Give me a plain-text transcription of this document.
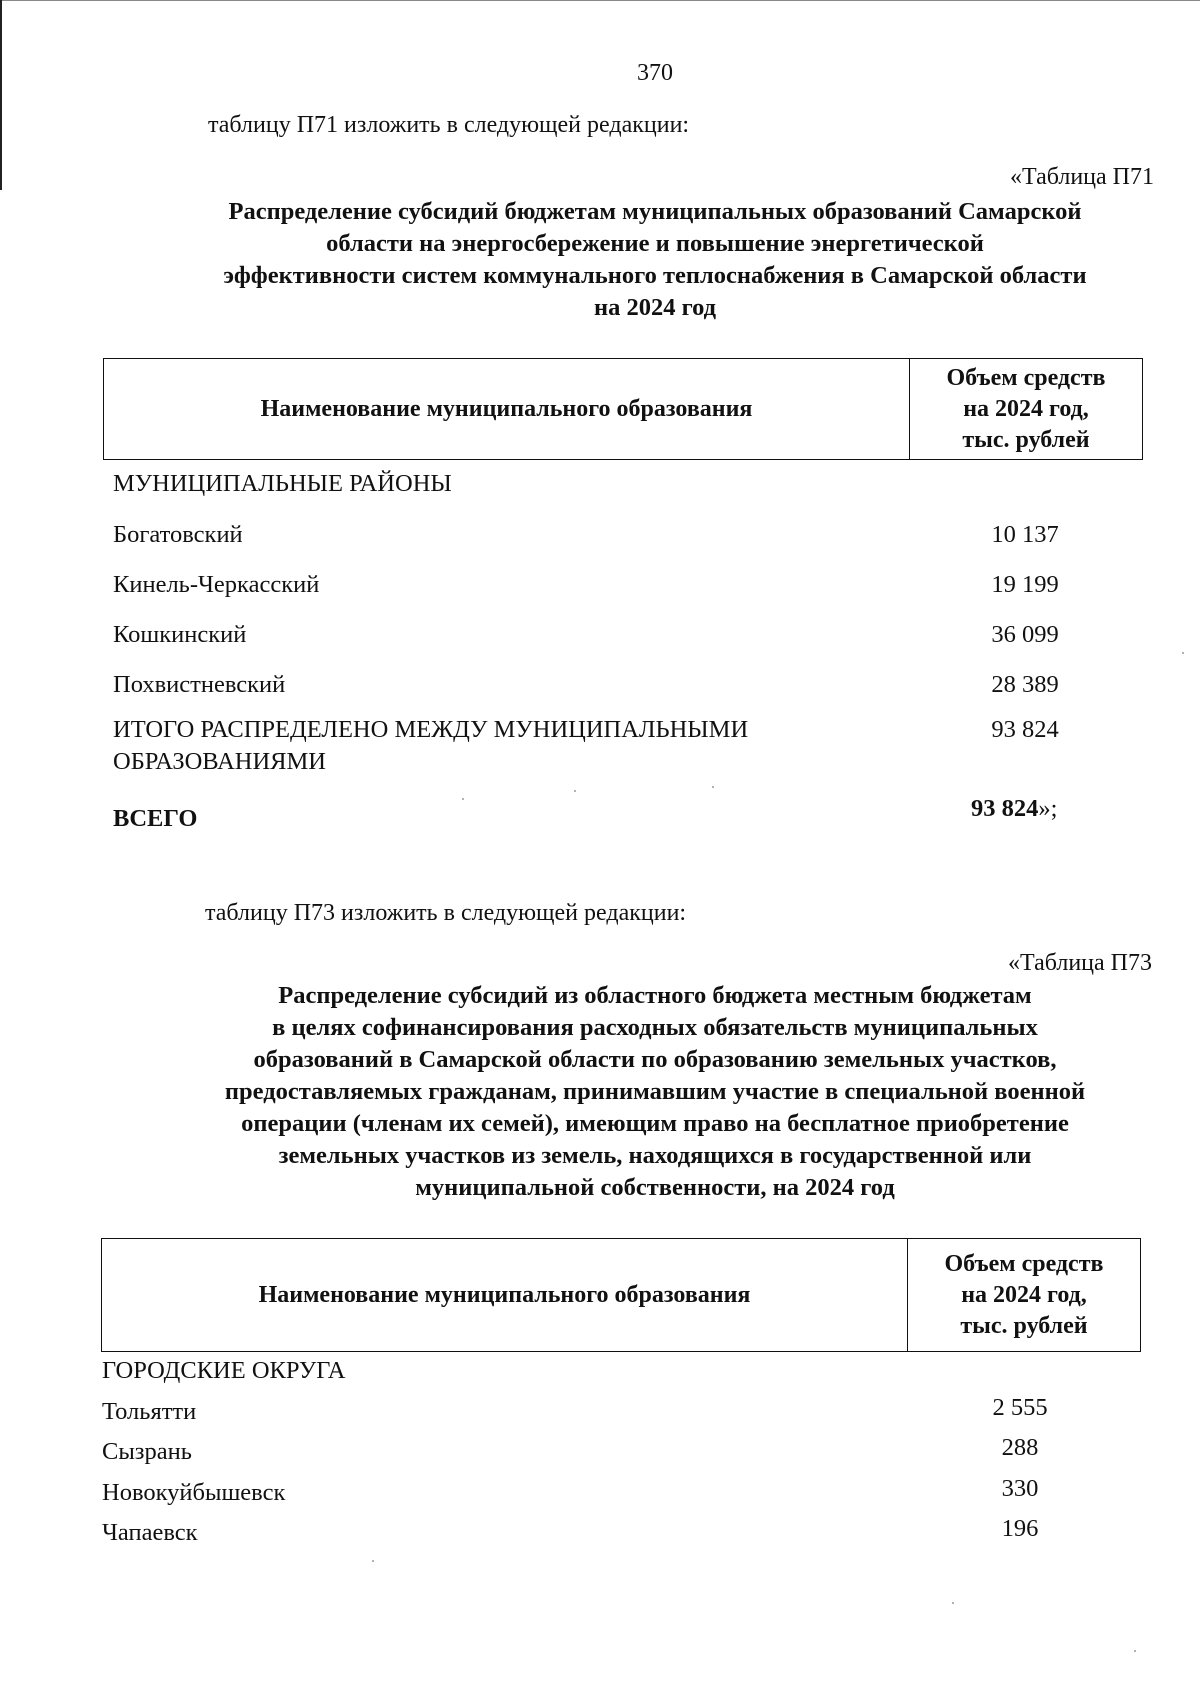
370
таблицу П71 изложить в следующей редакции:
«Таблица П71
Распределение субсидий бюджетам муниципальных образований Самарской
области на энергосбережение и повышение энергетической
эффективности систем коммунального теплоснабжения в Самарской области
на 2024 год
Наименование муниципального образования
Объем средств
на 2024 год,
тыс. рублей
МУНИЦИПАЛЬНЫЕ РАЙОНЫ
Богатовский	10 137
Кинель-Черкасский	19 199
Кошкинский	36 099
Похвистневский	28 389
ИТОГО РАСПРЕДЕЛЕНО МЕЖДУ МУНИЦИПАЛЬНЫМИ
ОБРАЗОВАНИЯМИ
93 824
ВСЕГО	93 824»;
таблицу П73 изложить в следующей редакции:
«Таблица П73
Распределение субсидий из областного бюджета местным бюджетам
в целях софинансирования расходных обязательств муниципальных
образований в Самарской области по образованию земельных участков,
предоставляемых гражданам, принимавшим участие в специальной военной
операции (членам их семей), имеющим право на бесплатное приобретение
земельных участков из земель, находящихся в государственной или
муниципальной собственности, на 2024 год
Наименование муниципального образования
Объем средств
на 2024 год,
тыс. рублей
ГОРОДСКИЕ ОКРУГА
Тольятти	2 555
Сызрань	288
Новокуйбышевск	330
Чапаевск	196
